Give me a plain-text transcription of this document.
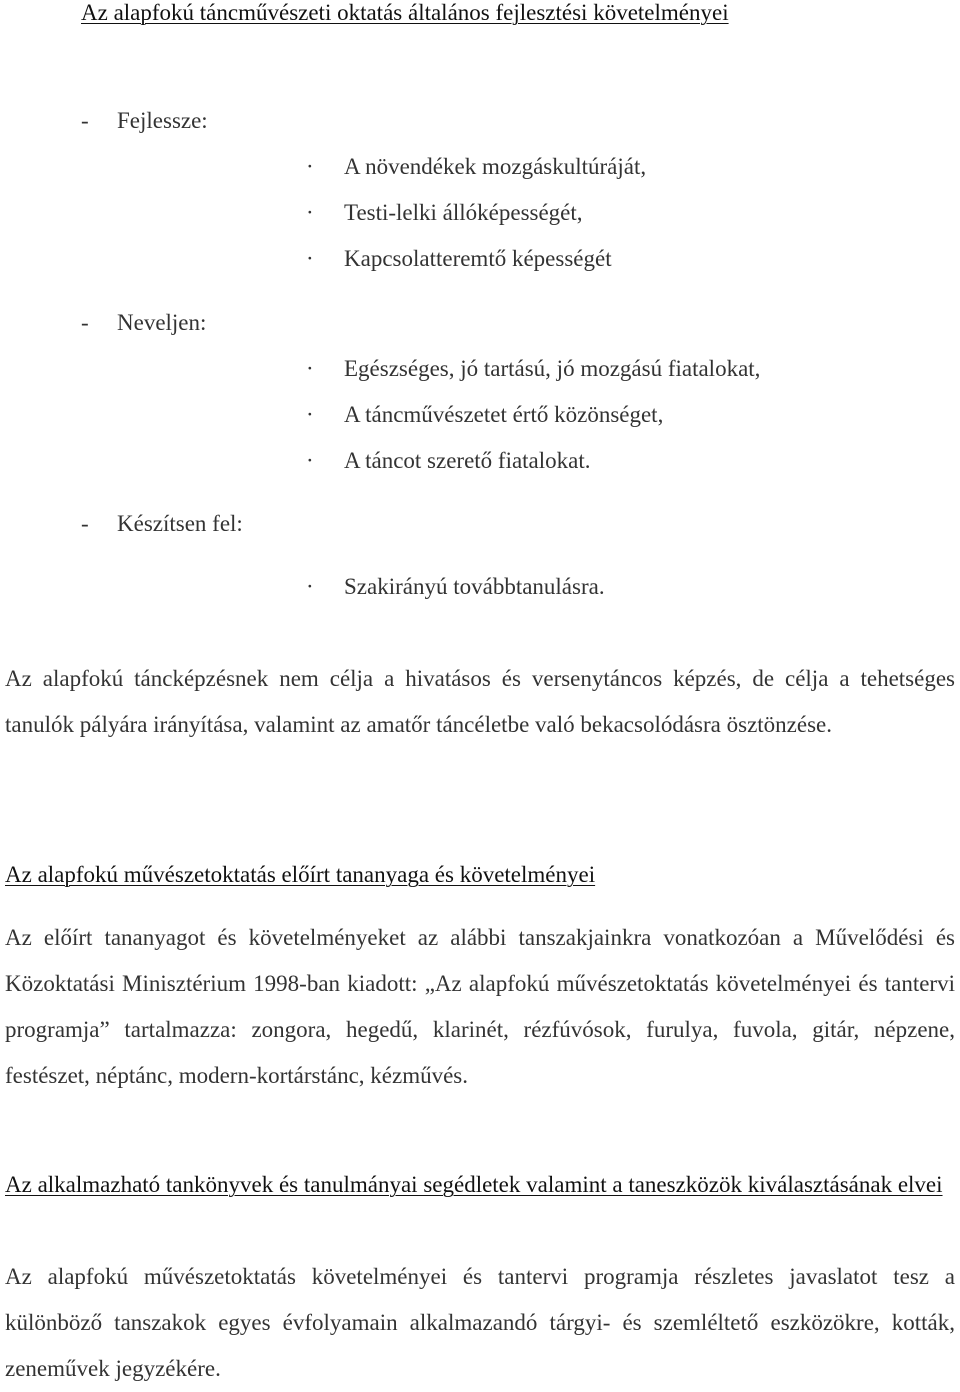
Az alapfokú táncművészeti oktatás általános fejlesztési követelményei
- Fejlessze:
· A növendékek mozgáskultúráját,
· Testi-lelki állóképességét,
· Kapcsolatteremtő képességét
- Neveljen:
· Egészséges, jó tartású, jó mozgású fiatalokat,
· A táncművészetet értő közönséget,
· A táncot szerető fiatalokat.
- Készítsen fel:
· Szakirányú továbbtanulásra.

Az alapfokú táncképzésnek nem célja a hivatásos és versenytáncos képzés, de célja a tehetséges tanulók pályára irányítása, valamint az amatőr táncéletbe való bekacsolódásra ösztönzése.

Az alapfokú művészetoktatás előírt tananyaga és követelményei

Az előírt tananyagot és követelményeket az alábbi tanszakjainkra vonatkozóan a Művelődési és Közoktatási Minisztérium 1998-ban kiadott: „Az alapfokú művészetoktatás követelményei és tantervi programja” tartalmazza: zongora, hegedű, klarinét, rézfúvósok, furulya, fuvola, gitár, népzene, festészet, néptánc, modern-kortárstánc, kézművés.

Az alkalmazható tankönyvek és tanulmányai segédletek valamint a taneszközök kiválasztásának elvei

Az alapfokú művészetoktatás követelményei és tantervi programja részletes javaslatot tesz a különböző tanszakok egyes évfolyamain alkalmazandó tárgyi- és szemléltető eszközökre, kották, zeneművek jegyzékére.
